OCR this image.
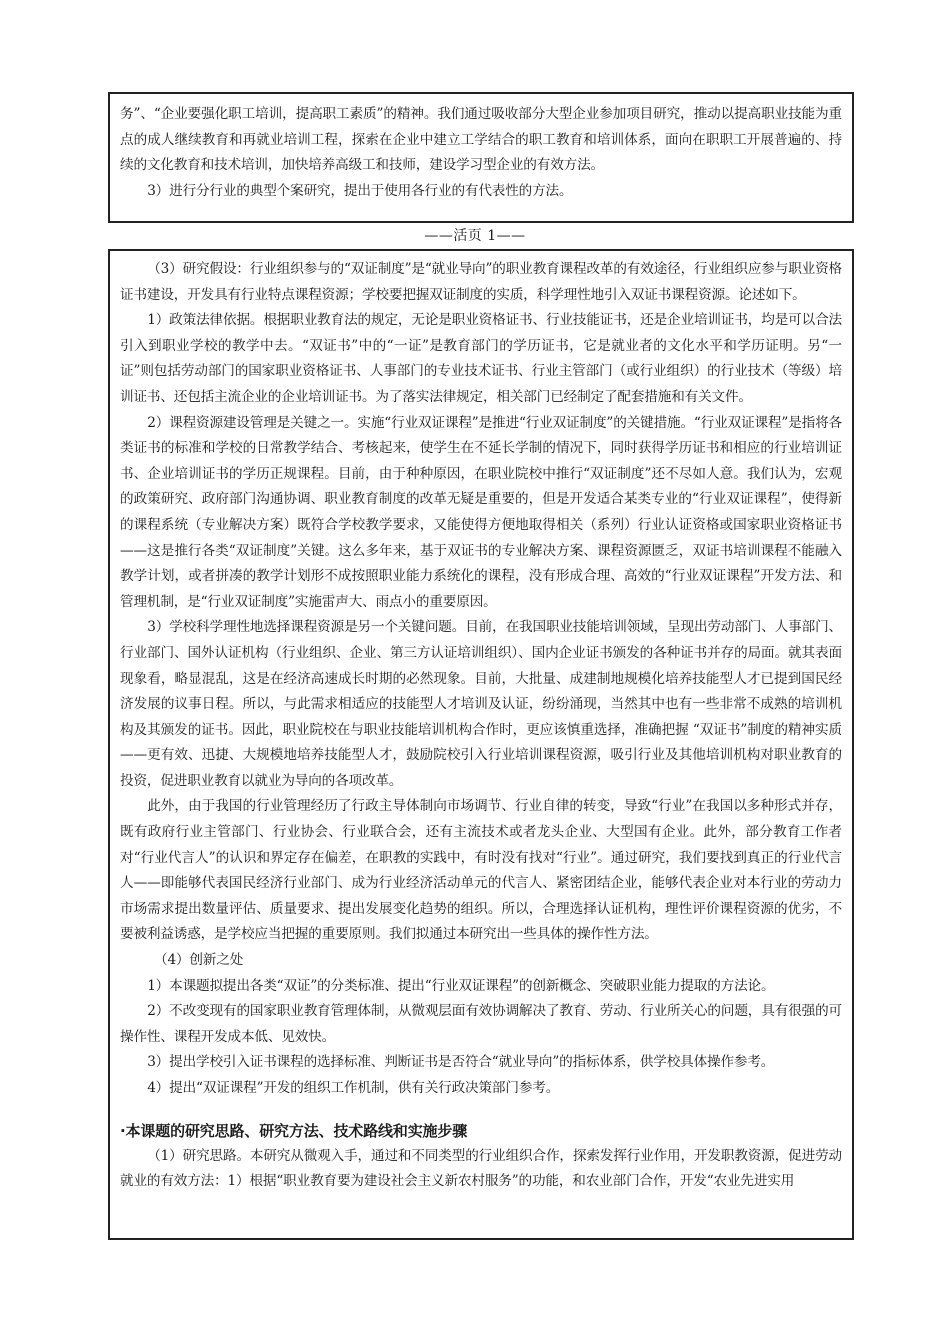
务”、“企业要强化职工培训，提高职工素质”的精神。我们通过吸收部分大型企业参加项目研究，推动以提高职业技能为重点的成人继续教育和再就业培训工程，探索在企业中建立工学结合的职工教育和培训体系，面向在职职工开展普遍的、持续的文化教育和技术培训，加快培养高级工和技师，建设学习型企业的有效方法。

3）进行分行业的典型个案研究，提出于使用各行业的有代表性的方法。

——活页 1——

（3）研究假设：行业组织参与的“双证制度”是“就业导向”的职业教育课程改革的有效途径，行业组织应参与职业资格证书建设，开发具有行业特点课程资源；学校要把握双证制度的实质，科学理性地引入双证书课程资源。论述如下。

1）政策法律依据。根据职业教育法的规定，无论是职业资格证书、行业技能证书，还是企业培训证书，均是可以合法引入到职业学校的教学中去。“双证书”中的“一证”是教育部门的学历证书，它是就业者的文化水平和学历证明。另“一证”则包括劳动部门的国家职业资格证书、人事部门的专业技术证书、行业主管部门（或行业组织）的行业技术（等级）培训证书、还包括主流企业的企业培训证书。为了落实法律规定，相关部门已经制定了配套措施和有关文件。

2）课程资源建设管理是关键之一。实施“行业双证课程”是推进“行业双证制度”的关键措施。“行业双证课程”是指将各类证书的标准和学校的日常教学结合、考核起来，使学生在不延长学制的情况下，同时获得学历证书和相应的行业培训证书、企业培训证书的学历正规课程。目前，由于种种原因，在职业院校中推行“双证制度”还不尽如人意。我们认为，宏观的政策研究、政府部门沟通协调、职业教育制度的改革无疑是重要的，但是开发适合某类专业的“行业双证课程”，使得新的课程系统（专业解决方案）既符合学校教学要求，又能使得方便地取得相关（系列）行业认证资格或国家职业资格证书——这是推行各类“双证制度”关键。这么多年来，基于双证书的专业解决方案、课程资源匮乏，双证书培训课程不能融入教学计划，或者拼凑的教学计划形不成按照职业能力系统化的课程，没有形成合理、高效的“行业双证课程”开发方法、和管理机制，是“行业双证制度”实施雷声大、雨点小的重要原因。

3）学校科学理性地选择课程资源是另一个关键问题。目前，在我国职业技能培训领域，呈现出劳动部门、人事部门、行业部门、国外认证机构（行业组织、企业、第三方认证培训组织）、国内企业证书颁发的各种证书并存的局面。就其表面现象看，略显混乱，这是在经济高速成长时期的必然现象。目前，大批量、成建制地规模化培养技能型人才已提到国民经济发展的议事日程。所以，与此需求相适应的技能型人才培训及认证，纷纷涌现，当然其中也有一些非常不成熟的培训机构及其颁发的证书。因此，职业院校在与职业技能培训机构合作时，更应该慎重选择，准确把握 “双证书”制度的精神实质——更有效、迅捷、大规模地培养技能型人才，鼓励院校引入行业培训课程资源，吸引行业及其他培训机构对职业教育的投资，促进职业教育以就业为导向的各项改革。

此外，由于我国的行业管理经历了行政主导体制向市场调节、行业自律的转变，导致“行业”在我国以多种形式并存，既有政府行业主管部门、行业协会、行业联合会，还有主流技术或者龙头企业、大型国有企业。此外，部分教育工作者对“行业代言人”的认识和界定存在偏差，在职教的实践中，有时没有找对“行业”。通过研究，我们要找到真正的行业代言人——即能够代表国民经济行业部门、成为行业经济活动单元的代言人、紧密团结企业，能够代表企业对本行业的劳动力市场需求提出数量评估、质量要求、提出发展变化趋势的组织。所以，合理选择认证机构，理性评价课程资源的优劣，不要被利益诱惑，是学校应当把握的重要原则。我们拟通过本研究出一些具体的操作性方法。

（4）创新之处

1）本课题拟提出各类“双证”的分类标准、提出“行业双证课程”的创新概念、突破职业能力提取的方法论。

2）不改变现有的国家职业教育管理体制，从微观层面有效协调解决了教育、劳动、行业所关心的问题，具有很强的可操作性、课程开发成本低、见效快。

3）提出学校引入证书课程的选择标准、判断证书是否符合“就业导向”的指标体系，供学校具体操作参考。

4）提出“双证课程”开发的组织工作机制，供有关行政决策部门参考。

·本课题的研究思路、研究方法、技术路线和实施步骤

（1）研究思路。本研究从微观入手，通过和不同类型的行业组织合作，探索发挥行业作用，开发职教资源，促进劳动就业的有效方法：1）根据“职业教育要为建设社会主义新农村服务”的功能，和农业部门合作，开发“农业先进实用
